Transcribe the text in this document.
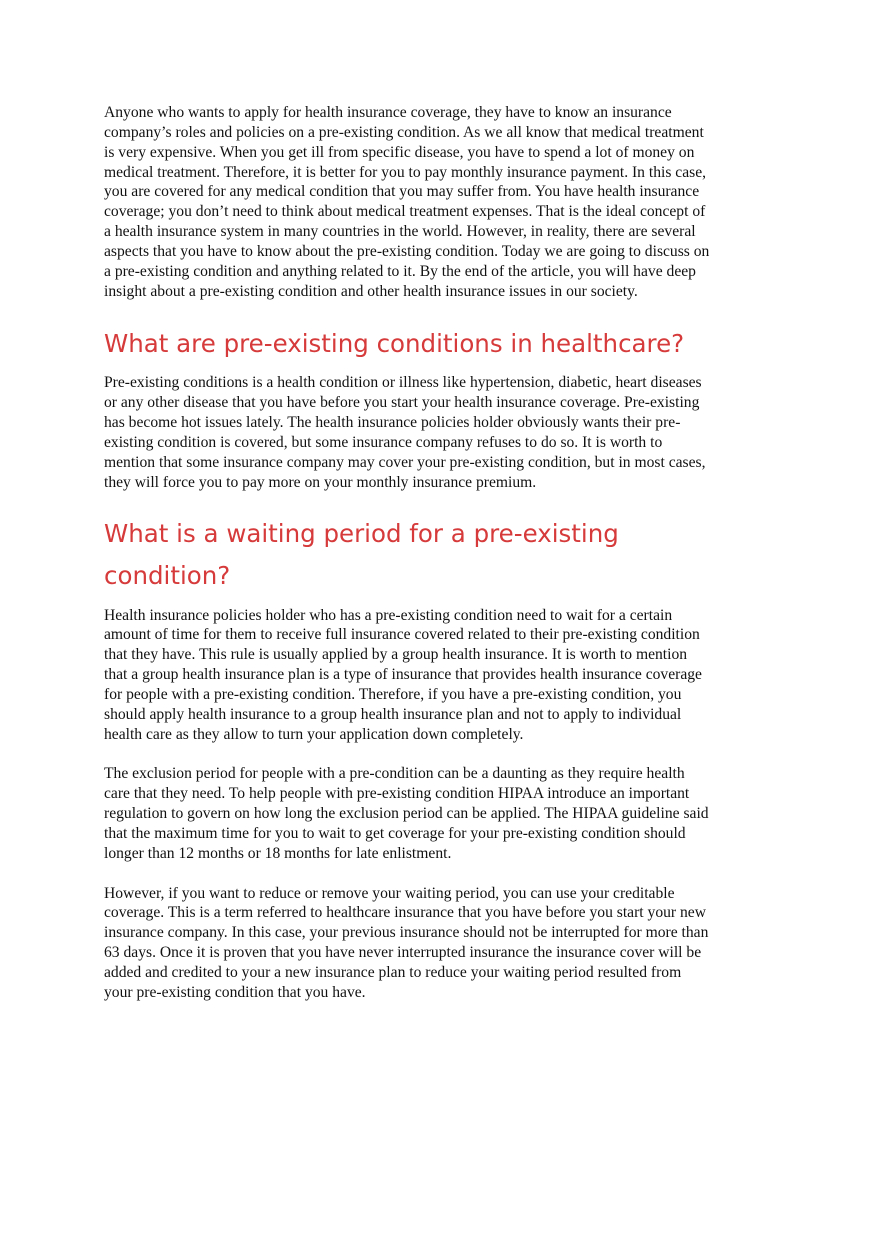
Anyone who wants to apply for health insurance coverage, they have to know an insurance
company’s roles and policies on a pre-existing condition. As we all know that medical treatment
is very expensive. When you get ill from specific disease, you have to spend a lot of money on
medical treatment. Therefore, it is better for you to pay monthly insurance payment. In this case,
you are covered for any medical condition that you may suffer from. You have health insurance
coverage; you don’t need to think about medical treatment expenses. That is the ideal concept of
a health insurance system in many countries in the world. However, in reality, there are several
aspects that you have to know about the pre-existing condition. Today we are going to discuss on
a pre-existing condition and anything related to it. By the end of the article, you will have deep
insight about a pre-existing condition and other health insurance issues in our society.

What are pre-existing conditions in healthcare?

Pre-existing conditions is a health condition or illness like hypertension, diabetic, heart diseases
or any other disease that you have before you start your health insurance coverage. Pre-existing
has become hot issues lately. The health insurance policies holder obviously wants their pre-
existing condition is covered, but some insurance company refuses to do so. It is worth to
mention that some insurance company may cover your pre-existing condition, but in most cases,
they will force you to pay more on your monthly insurance premium.

What is a waiting period for a pre-existing
condition?

Health insurance policies holder who has a pre-existing condition need to wait for a certain
amount of time for them to receive full insurance covered related to their pre-existing condition
that they have. This rule is usually applied by a group health insurance. It is worth to mention
that a group health insurance plan is a type of insurance that provides health insurance coverage
for people with a pre-existing condition. Therefore, if you have a pre-existing condition, you
should apply health insurance to a group health insurance plan and not to apply to individual
health care as they allow to turn your application down completely.

The exclusion period for people with a pre-condition can be a daunting as they require health
care that they need. To help people with pre-existing condition HIPAA introduce an important
regulation to govern on how long the exclusion period can be applied. The HIPAA guideline said
that the maximum time for you to wait to get coverage for your pre-existing condition should
longer than 12 months or 18 months for late enlistment.

However, if you want to reduce or remove your waiting period, you can use your creditable
coverage. This is a term referred to healthcare insurance that you have before you start your new
insurance company. In this case, your previous insurance should not be interrupted for more than
63 days. Once it is proven that you have never interrupted insurance the insurance cover will be
added and credited to your a new insurance plan to reduce your waiting period resulted from
your pre-existing condition that you have.
